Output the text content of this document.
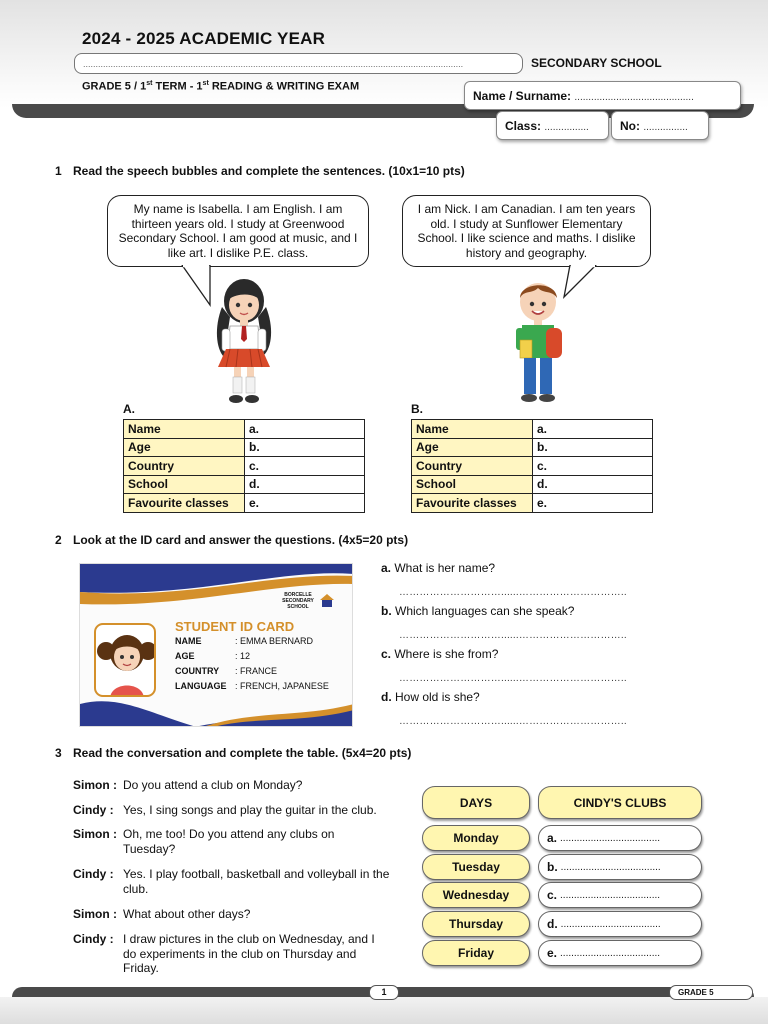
2024 - 2025 ACADEMIC YEAR
........................................................................................................................................................	SECONDARY SCHOOL
GRADE 5 / 1st TERM - 1st READING & WRITING EXAM
Name / Surname: ...........................................
Class: ................	No: ................
1 Read the speech bubbles and complete the sentences. (10x1=10 pts)
My name is Isabella. I am English. I am thirteen years old. I study at Greenwood Secondary School. I am good at music, and I like art. I dislike P.E. class.
I am Nick. I am Canadian. I am ten years old. I study at Sunflower Elementary School. I like science and maths. I dislike history and geography.
A.
Name	a.
Age	b.
Country	c.
School	d.
Favourite classes	e.
B.
Name	a.
Age	b.
Country	c.
School	d.
Favourite classes	e.
2 Look at the ID card and answer the questions. (4x5=20 pts)
BORCELLE SECONDARY SCHOOL
STUDENT ID CARD
NAME	: EMMA BERNARD
AGE	: 12
COUNTRY : FRANCE
LANGUAGE : FRENCH, JAPANESE
a. What is her name?
…………………………......…………………………..
b. Which languages can she speak?
…………………………......…………………………..
c. Where is she from?
…………………………......…………………………..
d. How old is she?
…………………………......…………………………..
3 Read the conversation and complete the table. (5x4=20 pts)
Simon : Do you attend a club on Monday?
Cindy : Yes, I sing songs and play the guitar in the club.
Simon : Oh, me too! Do you attend any clubs on Tuesday?
Cindy : Yes. I play football, basketball and volleyball in the club.
Simon : What about other days?
Cindy : I draw pictures in the club on Wednesday, and I do experiments in the club on Thursday and Friday.
DAYS	CINDY'S CLUBS
Monday	a. ....................................
Tuesday	b. ....................................
Wednesday	c. ....................................
Thursday	d. ....................................
Friday	e. ....................................
1	GRADE 5
